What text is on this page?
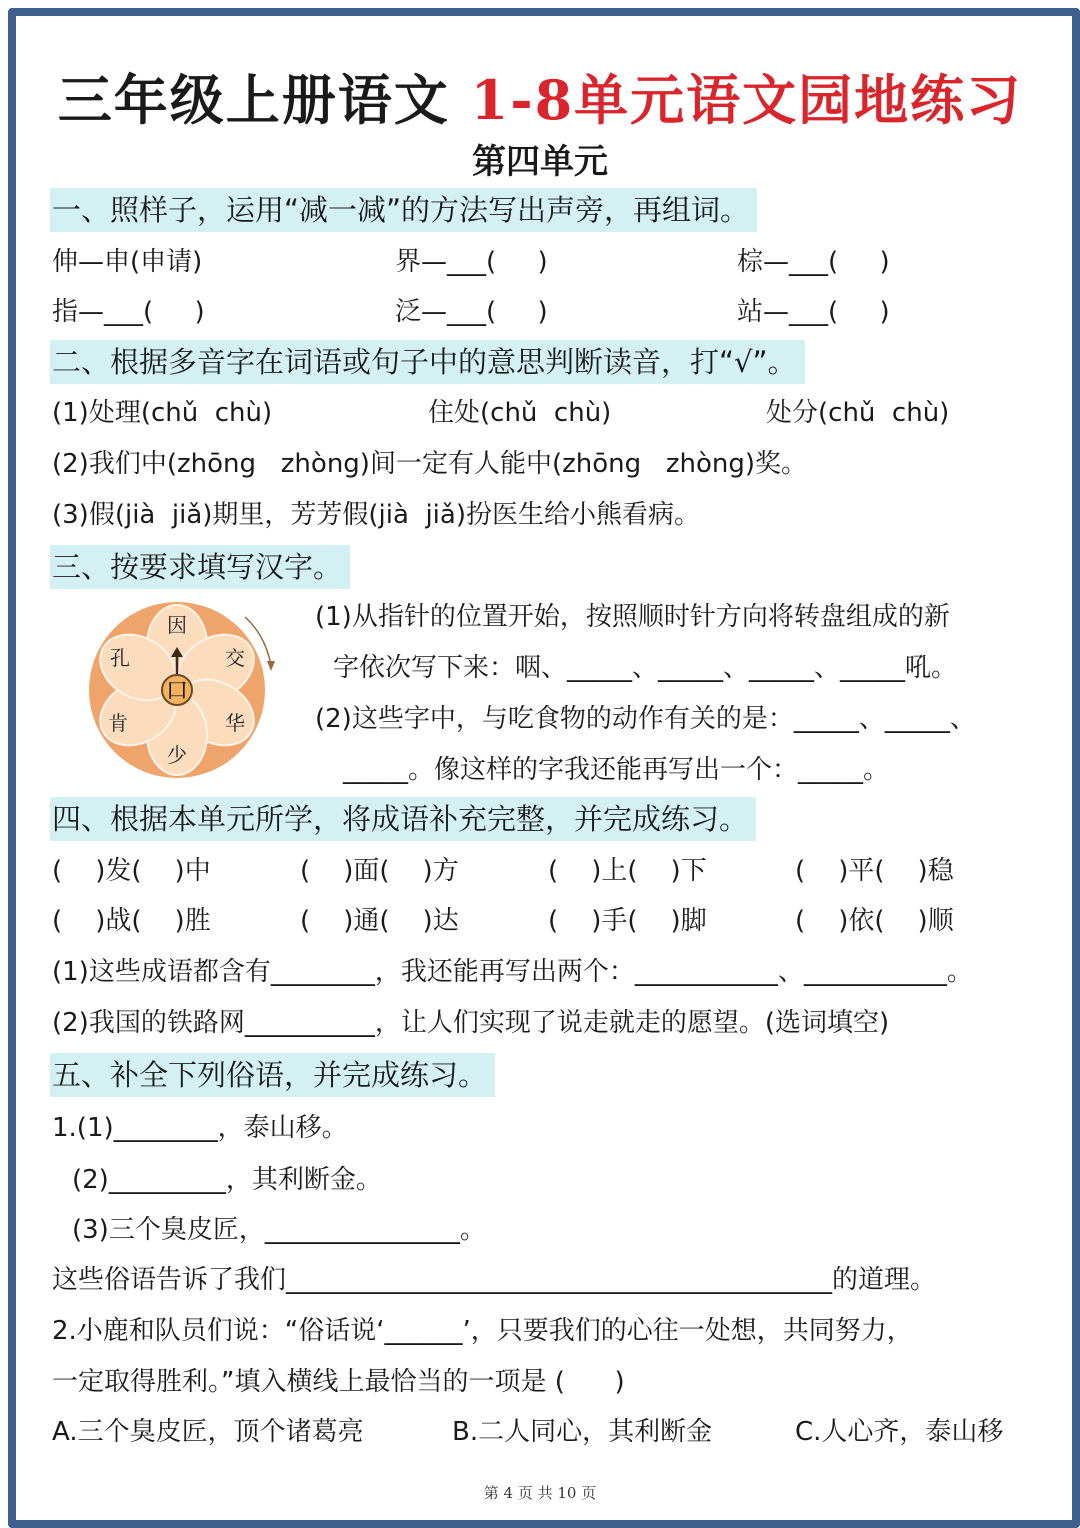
三年级上册语文 1-8单元语文园地练习
第四单元
一、照样子，运用“减一减”的方法写出声旁，再组词。
伸—申(申请)	界—___(     )	棕—___(     )
指—___(     )	泛—___(     )	站—___(     )
二、根据多音字在词语或句子中的意思判断读音，打“√”。
(1)处理(chǔ  chù)	住处(chǔ  chù)	处分(chǔ  chù)
(2)我们中(zhōng   zhòng)间一定有人能中(zhōng   zhòng)奖。
(3)假(jià  jiǎ)期里，芳芳假(jià  jiǎ)扮医生给小熊看病。
三、按要求填写汉字。
口
因
交
华
少
肯
孔
(1)从指针的位置开始，按照顺时针方向将转盘组成的新
字依次写下来：咽、_____、_____、_____、_____吼。
(2)这些字中，与吃食物的动作有关的是：_____、_____、
_____。像这样的字我还能再写出一个：_____。
四、根据本单元所学，将成语补充完整，并完成练习。
(    )发(    )中	(    )面(    )方	(    )上(    )下	(    )平(    )稳
(    )战(    )胜	(    )通(    )达	(    )手(    )脚	(    )依(    )顺
(1)这些成语都含有________，我还能再写出两个：___________、___________。
(2)我国的铁路网__________，让人们实现了说走就走的愿望。(选词填空)
五、补全下列俗语，并完成练习。
1.(1)________，泰山移。
(2)_________，其利断金。
(3)三个臭皮匠，_______________。
这些俗语告诉了我们__________________________________________的道理。
2.小鹿和队员们说：“俗话说‘______’，只要我们的心往一处想，共同努力，
一定取得胜利。”填入横线上最恰当的一项是 (      )
A.三个臭皮匠，顶个诸葛亮	B.二人同心，其利断金	C.人心齐，泰山移
第 4 页 共 10 页
